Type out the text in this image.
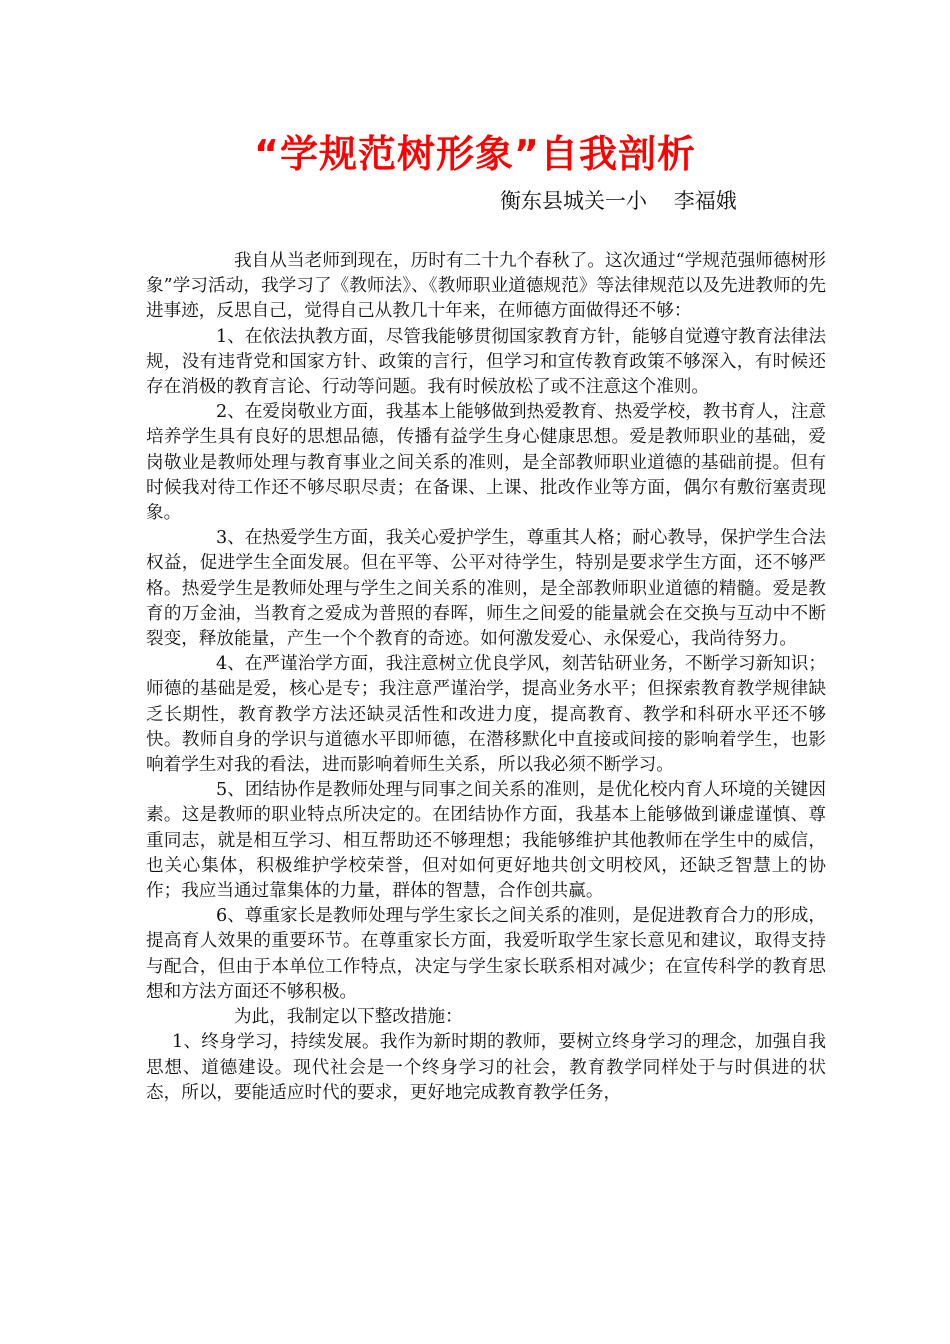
“学规范树形象”自我剖析
衡东县城关一小    李福娥

我自从当老师到现在，历时有二十九个春秋了。这次通过“学规范强师德树形象”学习活动，我学习了《教师法》、《教师职业道德规范》等法律规范以及先进教师的先进事迹，反思自己，觉得自己从教几十年来，在师德方面做得还不够：

1、在依法执教方面，尽管我能够贯彻国家教育方针，能够自觉遵守教育法律法规，没有违背党和国家方针、政策的言行，但学习和宣传教育政策不够深入，有时候还存在消极的教育言论、行动等问题。我有时候放松了或不注意这个准则。

2、在爱岗敬业方面，我基本上能够做到热爱教育、热爱学校，教书育人，注意培养学生具有良好的思想品德，传播有益学生身心健康思想。爱是教师职业的基础，爱岗敬业是教师处理与教育事业之间关系的准则，是全部教师职业道德的基础前提。但有时候我对待工作还不够尽职尽责；在备课、上课、批改作业等方面，偶尔有敷衍塞责现象。

3、在热爱学生方面，我关心爱护学生，尊重其人格；耐心教导，保护学生合法权益，促进学生全面发展。但在平等、公平对待学生，特别是要求学生方面，还不够严格。热爱学生是教师处理与学生之间关系的准则，是全部教师职业道德的精髓。爱是教育的万金油，当教育之爱成为普照的春晖，师生之间爱的能量就会在交换与互动中不断裂变，释放能量，产生一个个教育的奇迹。如何激发爱心、永保爱心，我尚待努力。

4、在严谨治学方面，我注意树立优良学风，刻苦钻研业务，不断学习新知识；师德的基础是爱，核心是专；我注意严谨治学，提高业务水平；但探索教育教学规律缺乏长期性，教育教学方法还缺灵活性和改进力度，提高教育、教学和科研水平还不够快。教师自身的学识与道德水平即师德，在潜移默化中直接或间接的影响着学生，也影响着学生对我的看法，进而影响着师生关系，所以我必须不断学习。

5、团结协作是教师处理与同事之间关系的准则，是优化校内育人环境的关键因素。这是教师的职业特点所决定的。在团结协作方面，我基本上能够做到谦虚谨慎、尊重同志，就是相互学习、相互帮助还不够理想；我能够维护其他教师在学生中的威信，也关心集体，积极维护学校荣誉，但对如何更好地共创文明校风，还缺乏智慧上的协作；我应当通过靠集体的力量，群体的智慧，合作创共赢。

6、尊重家长是教师处理与学生家长之间关系的准则，是促进教育合力的形成，提高育人效果的重要环节。在尊重家长方面，我爱听取学生家长意见和建议，取得支持与配合，但由于本单位工作特点，决定与学生家长联系相对减少；在宣传科学的教育思想和方法方面还不够积极。

为此，我制定以下整改措施：

1、终身学习，持续发展。我作为新时期的教师，要树立终身学习的理念，加强自我思想、道德建设。现代社会是一个终身学习的社会，教育教学同样处于与时俱进的状态，所以，要能适应时代的要求，更好地完成教育教学任务，
